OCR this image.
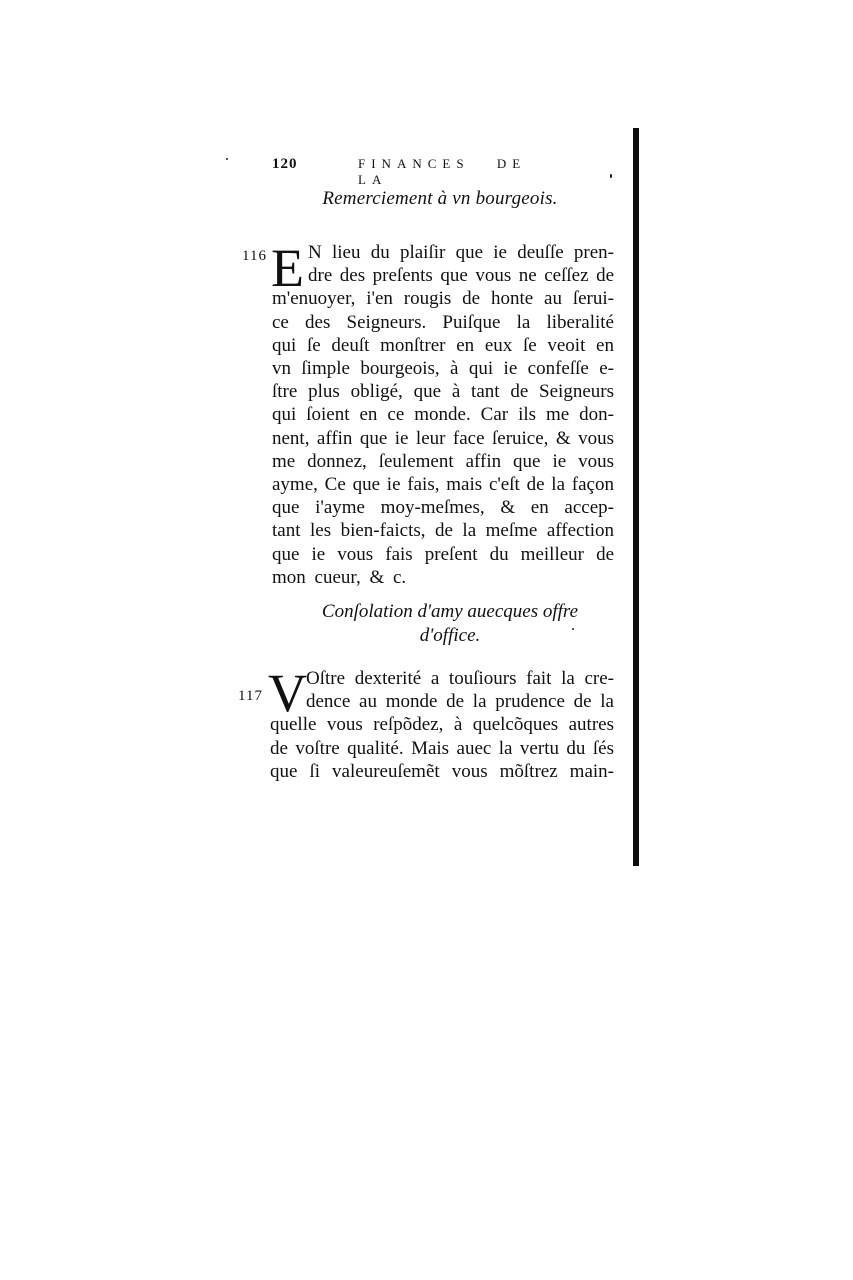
120	FINANCES DE LA
Remerciement à vn bourgeois.
116 E N lieu du plaiſir que ie deuſſe pren-
dre des preſents que vous ne ceſſez de
m'enuoyer, i'en rougis de honte au ſerui-
ce des Seigneurs. Puiſque la liberalité
qui ſe deuſt monſtrer en eux ſe veoit en
vn ſimple bourgeois, à qui ie confeſſe e-
ſtre plus obligé, que à tant de Seigneurs
qui ſoient en ce monde. Car ils me don-
nent, affin que ie leur face ſeruice, & vous
me donnez, ſeulement affin que ie vous
ayme, Ce que ie fais, mais c'eſt de la façon
que i'ayme moy-meſmes, & en accep-
tant les bien-faicts, de la meſme affection
que ie vous fais preſent du meilleur de
mon cueur, & c.
Conſolation d'amy auecques offre
d'office.
117 V Oſtre dexterité a touſiours fait la cre-
dence au monde de la prudence de la
quelle vous reſpõdez, à quelcõques autres
de voſtre qualité. Mais auec la vertu du ſés
que ſi valeureuſemẽt vous mõſtrez main-
